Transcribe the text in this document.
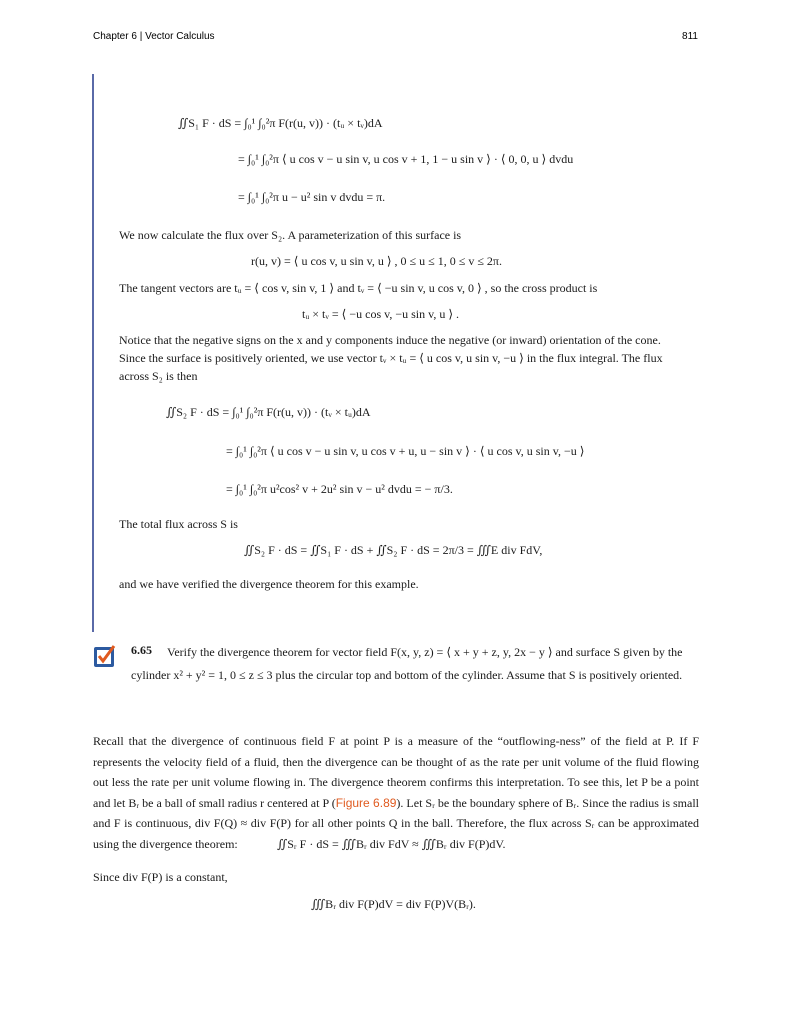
Chapter 6 | Vector Calculus	811
∬S₁ F · dS = ∫₀¹ ∫₀²π F(r(u, v)) · (tᵤ × tᵥ)dA
= ∫₀¹ ∫₀²π ⟨ u cos v − u sin v, u cos v + 1, 1 − u sin v ⟩ · ⟨ 0, 0, u ⟩ dvdu
= ∫₀¹ ∫₀²π u − u² sin v dvdu = π.
We now calculate the flux over S₂. A parameterization of this surface is
r(u, v) = ⟨ u cos v, u sin v, u ⟩ , 0 ≤ u ≤ 1, 0 ≤ v ≤ 2π.
The tangent vectors are tᵤ = ⟨ cos v, sin v, 1 ⟩ and tᵥ = ⟨ −u sin v, u cos v, 0 ⟩ , so the cross product is
tᵤ × tᵥ = ⟨ −u cos v, −u sin v, u ⟩ .
Notice that the negative signs on the x and y components induce the negative (or inward) orientation of the cone. Since the surface is positively oriented, we use vector tᵥ × tᵤ = ⟨ u cos v, u sin v, −u ⟩ in the flux integral. The flux across S₂ is then
∬S₂ F · dS = ∫₀¹ ∫₀²π F(r(u, v)) · (tᵥ × tᵤ)dA
= ∫₀¹ ∫₀²π ⟨ u cos v − u sin v, u cos v + u, u − sin v ⟩ · ⟨ u cos v, u sin v, −u ⟩
= ∫₀¹ ∫₀²π u²cos² v + 2u² sin v − u² dvdu = − π/3.
The total flux across S is
∬S₂ F · dS = ∬S₁ F · dS + ∬S₂ F · dS = 2π/3 = ∭E div FdV,
and we have verified the divergence theorem for this example.
6.65	Verify the divergence theorem for vector field F(x, y, z) = ⟨ x + y + z, y, 2x − y ⟩ and surface S given by the cylinder x² + y² = 1, 0 ≤ z ≤ 3 plus the circular top and bottom of the cylinder. Assume that S is positively oriented.
Recall that the divergence of continuous field F at point P is a measure of the “outflowing-ness” of the field at P. If F represents the velocity field of a fluid, then the divergence can be thought of as the rate per unit volume of the fluid flowing out less the rate per unit volume flowing in. The divergence theorem confirms this interpretation. To see this, let P be a point and let Bᵣ be a ball of small radius r centered at P (Figure 6.89). Let Sᵣ be the boundary sphere of Bᵣ. Since the radius is small and F is continuous, div F(Q) ≈ div F(P) for all other points Q in the ball. Therefore, the flux across Sᵣ can be approximated using the divergence theorem:	∬Sᵣ F · dS = ∭Bᵣ div FdV ≈ ∭Bᵣ div F(P)dV.
Since div F(P) is a constant,
∭Bᵣ div F(P)dV = div F(P)V(Bᵣ).
